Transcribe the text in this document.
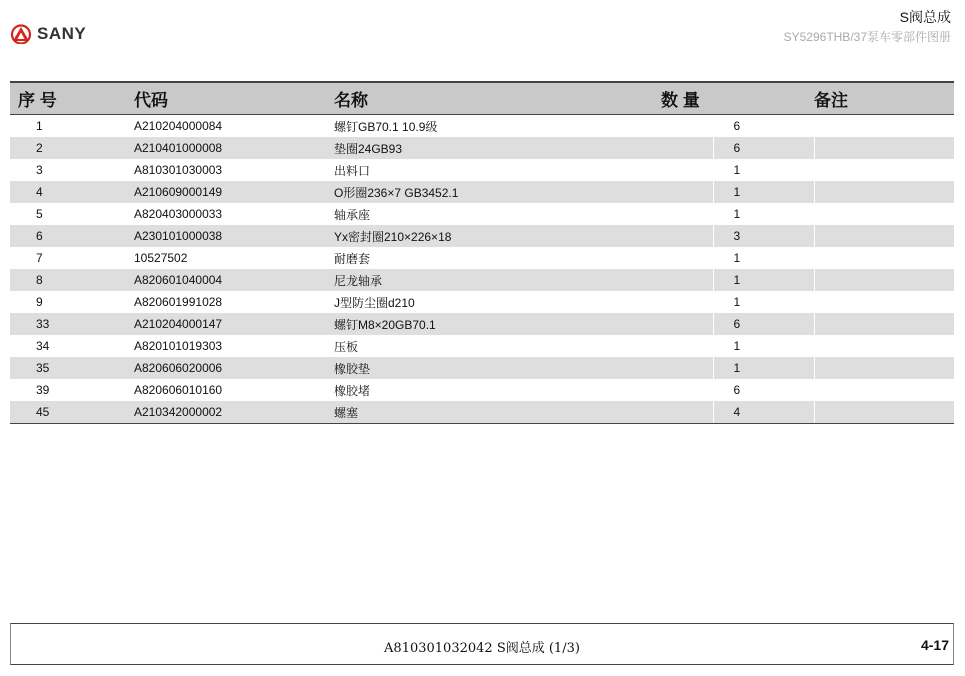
SANY
S阀总成
SY5296THB/37泵车零部件图册
序 号	代码	名称	数 量		备注
1	A210204000084	螺钉GB70.1 10.9级		6	
2	A210401000008	垫圈24GB93		6	
3	A810301030003	出料口		1	
4	A210609000149	O形圈236×7 GB3452.1		1	
5	A820403000033	轴承座		1	
6	A230101000038	Yx密封圈210×226×18		3	
7	10527502	耐磨套		1	
8	A820601040004	尼龙轴承		1	
9	A820601991028	J型防尘圈d210		1	
33	A210204000147	螺钉M8×20GB70.1		6	
34	A820101019303	压板		1	
35	A820606020006	橡胶垫		1	
39	A820606010160	橡胶堵		6	
45	A210342000002	螺塞		4	
A810301032042 S阀总成 (1/3)	4-17
